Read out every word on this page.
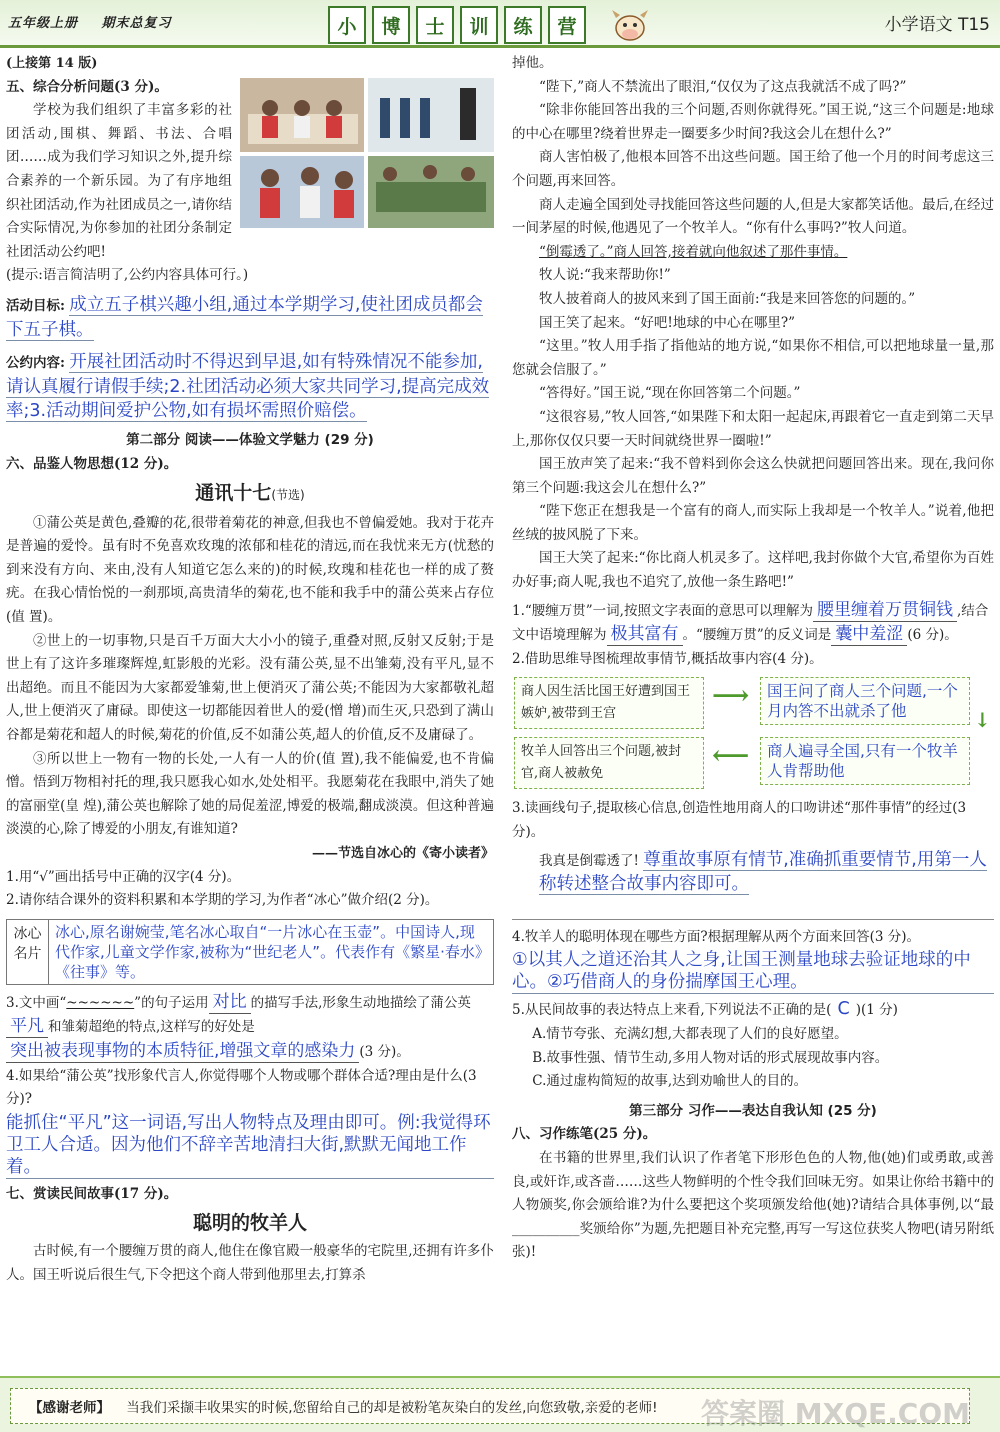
五年级上册 期末总复习	小	博	士	训	练	营	小学语文 T15
(上接第 14 版)
五、综合分析问题(3 分)。
学校为我们组织了丰富多彩的社团活动,围棋、舞蹈、书法、合唱团……成为我们学习知识之外,提升综合素养的一个新乐园。为了有序地组织社团活动,作为社团成员之一,请你结合实际情况,为你参加的社团分条制定社团活动公约吧!
(提示:语言简洁明了,公约内容具体可行。)
活动目标: 成立五子棋兴趣小组,通过本学期学习,使社团成员都会下五子棋。
公约内容: 开展社团活动时不得迟到早退,如有特殊情况不能参加,请认真履行请假手续;2.社团活动必须大家共同学习,提高完成效率;3.活动期间爱护公物,如有损坏需照价赔偿。
第二部分 阅读——体验文学魅力 (29 分)
六、品鉴人物思想(12 分)。
通讯十七(节选)
①蒲公英是黄色,叠瓣的花,很带着菊花的神意,但我也不曾偏爱她。我对于花卉是普遍的爱怜。虽有时不免喜欢玫瑰的浓郁和桂花的清远,而在我忧来无方(忧愁的到来没有方向、来由,没有人知道它怎么来的)的时候,玫瑰和桂花也一样的成了赘疣。在我心情怡悦的一刹那顷,高贵清华的菊花,也不能和我手中的蒲公英来占存位(值 置)。
②世上的一切事物,只是百千万面大大小小的镜子,重叠对照,反射又反射;于是世上有了这许多璀璨辉煌,虹影般的光彩。没有蒲公英,显不出雏菊,没有平凡,显不出超绝。而且不能因为大家都爱雏菊,世上便消灭了蒲公英;不能因为大家都敬礼超人,世上便消灭了庸碌。即使这一切都能因着世人的爱(憎 增)而生灭,只恐到了满山谷都是菊花和超人的时候,菊花的价值,反不如蒲公英,超人的价值,反不及庸碌了。
③所以世上一物有一物的长处,一人有一人的价(值 置),我不能偏爱,也不肯偏憎。悟到万物相衬托的理,我只愿我心如水,处处相平。我愿菊花在我眼中,消失了她的富丽堂(皇 煌),蒲公英也解除了她的局促羞涩,博爱的极端,翻成淡漠。但这种普遍淡漠的心,除了博爱的小朋友,有谁知道?
——节选自冰心的《寄小读者》
1.用“√”画出括号中正确的汉字(4 分)。
2.请你结合课外的资料积累和本学期的学习,为作者“冰心”做介绍(2 分)。
冰心名片
冰心,原名谢婉莹,笔名冰心取自“一片冰心在玉壶”。中国诗人,现代作家,儿童文学作家,被称为“世纪老人”。代表作有《繁星·春水》《往事》等。
3.文中画“~~~~~~”的句子运用 对比 的描写手法,形象生动地描绘了蒲公英平凡 和雏菊超绝的特点,这样写的好处是突出被表现事物的本质特征,增强文章的感染力 (3 分)。
4.如果给“蒲公英”找形象代言人,你觉得哪个人物或哪个群体合适?理由是什么(3 分)?
能抓住“平凡”这一词语,写出人物特点及理由即可。例:我觉得环卫工人合适。因为他们不辞辛苦地清扫大街,默默无闻地工作着。
七、赏读民间故事(17 分)。
聪明的牧羊人
古时候,有一个腰缠万贯的商人,他住在像官殿一般豪华的宅院里,还拥有许多仆人。国王听说后很生气,下令把这个商人带到他那里去,打算杀
掉他。
“陛下,”商人不禁流出了眼泪,“仅仅为了这点我就活不成了吗?”
“除非你能回答出我的三个问题,否则你就得死。”国王说,“这三个问题是:地球的中心在哪里?绕着世界走一圈要多少时间?我这会儿在想什么?”
商人害怕极了,他根本回答不出这些问题。国王给了他一个月的时间考虑这三个问题,再来回答。
商人走遍全国到处寻找能回答这些问题的人,但是大家都笑话他。最后,在经过一间茅屋的时候,他遇见了一个牧羊人。“你有什么事吗?”牧人问道。
“倒霉透了。”商人回答,接着就向他叙述了那件事情。
牧人说:“我来帮助你!”
牧人披着商人的披风来到了国王面前:“我是来回答您的问题的。”
国王笑了起来。“好吧!地球的中心在哪里?”
“这里。”牧人用手指了指他站的地方说,“如果你不相信,可以把地球量一量,那您就会信服了。”
“答得好。”国王说,“现在你回答第二个问题。”
“这很容易,”牧人回答,“如果陛下和太阳一起起床,再跟着它一直走到第二天早上,那你仅仅只要一天时间就绕世界一圈啦!”
国王放声笑了起来:“我不曾料到你会这么快就把问题回答出来。现在,我问你第三个问题:我这会儿在想什么?”
“陛下您正在想我是一个富有的商人,而实际上我却是一个牧羊人。”说着,他把丝绒的披风脱了下来。
国王大笑了起来:“你比商人机灵多了。这样吧,我封你做个大官,希望你为百姓办好事;商人呢,我也不追究了,放他一条生路吧!”
1.“腰缠万贯”一词,按照文字表面的意思可以理解为 腰里缠着万贯铜钱 ,结合文中语境理解为 极其富有 。“腰缠万贯”的反义词是 囊中羞涩 (6 分)。
2.借助思维导图梳理故事情节,概括故事内容(4 分)。
商人因生活比国王好遭到国王嫉妒,被带到王宫
⟶	国王问了商人三个问题,一个月内答不出就杀了他	↓
牧羊人回答出三个问题,被封官,商人被赦免
⟵	商人遍寻全国,只有一个牧羊人肯帮助他
3.读画线句子,提取核心信息,创造性地用商人的口吻讲述“那件事情”的经过(3 分)。
我真是倒霉透了! 尊重故事原有情节,准确抓重要情节,用第一人称转述整合故事内容即可。
4.牧羊人的聪明体现在哪些方面?根据理解从两个方面来回答(3 分)。
①以其人之道还治其人之身,让国王测量地球去验证地球的中心。②巧借商人的身份揣摩国王心理。
5.从民间故事的表达特点上来看,下列说法不正确的是( C )(1 分)
A.情节夸张、充满幻想,大都表现了人们的良好愿望。
B.故事性强、情节生动,多用人物对话的形式展现故事内容。
C.通过虚构简短的故事,达到劝喻世人的目的。
第三部分 习作——表达自我认知 (25 分)
八、习作练笔(25 分)。
在书籍的世界里,我们认识了作者笔下形形色色的人物,他(她)们或勇敢,或善良,或奸诈,或吝啬……这些人物鲜明的个性令我们回味无穷。如果让你给书籍中的人物颁奖,你会颁给谁?为什么要把这个奖项颁发给他(她)?请结合具体事例,以“最__________奖颁给你”为题,先把题目补充完整,再写一写这位获奖人物吧(请另附纸张)!
【感谢老师】 当我们采撷丰收果实的时候,您留给自己的却是被粉笔灰染白的发丝,向您致敬,亲爱的老师!	答案圈 MXQE.COM
